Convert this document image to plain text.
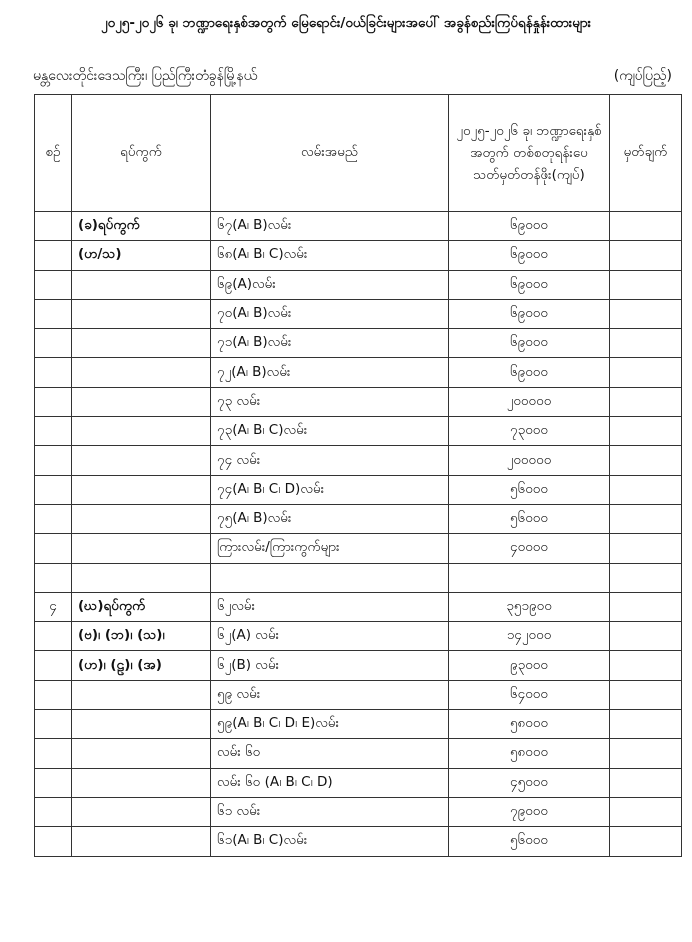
၂၀၂၅-၂၀၂၆ ခု၊ ဘဏ္ဍာရေးနှစ်အတွက် မြေရောင်း/ဝယ်ခြင်းများအပေါ် အခွန်စည်းကြပ်ရန်နှုန်းထားများ
မန္တလေးတိုင်းဒေသကြီး၊ ပြည်ကြီးတံခွန်မြို့နယ်	(ကျပ်ပြည့်)
စဉ်	ရပ်ကွက်	လမ်းအမည်	၂၀၂၅-၂၀၂၆ ခု၊ ဘဏ္ဍာရေးနှစ်အတွက် တစ်စတုရန်းပေ သတ်မှတ်တန်ဖိုး(ကျပ်)	မှတ်ချက်
	(ခ)ရပ်ကွက်	၆၇(A၊ B)လမ်း	၆၉၀၀၀	
	(ဟ/သ)	၆၈(A၊ B၊ C)လမ်း	၆၉၀၀၀	
		၆၉(A)လမ်း	၆၉၀၀၀	
		၇၀(A၊ B)လမ်း	၆၉၀၀၀	
		၇၁(A၊ B)လမ်း	၆၉၀၀၀	
		၇၂(A၊ B)လမ်း	၆၉၀၀၀	
		၇၃ လမ်း	၂၀၀၀၀၀	
		၇၃(A၊ B၊ C)လမ်း	၇၃၀၀၀	
		၇၄ လမ်း	၂၀၀၀၀၀	
		၇၄(A၊ B၊ C၊ D)လမ်း	၅၆၀၀၀	
		၇၅(A၊ B)လမ်း	၅၆၀၀၀	
		ကြားလမ်း/ကြားကွက်များ	၄၀၀၀၀	

၄	(ဃ)ရပ်ကွက်	၆၂လမ်း	၃၅၁၉၀၀	
	(ဗ)၊ (ဘ)၊ (သ)၊	၆၂(A) လမ်း	၁၄၂၀၀၀	
	(ဟ)၊ (ဠ)၊ (အ)	၆၂(B) လမ်း	၉၃၀၀၀	
		၅၉ လမ်း	၆၄၀၀၀	
		၅၉(A၊ B၊ C၊ D၊ E)လမ်း	၅၈၀၀၀	
		လမ်း ၆၀	၅၈၀၀၀	
		လမ်း ၆၀ (A၊ B၊ C၊ D)	၄၅၀၀၀	
		၆၁ လမ်း	၇၉၀၀၀	
		၆၁(A၊ B၊ C)လမ်း	၅၆၀၀၀	
